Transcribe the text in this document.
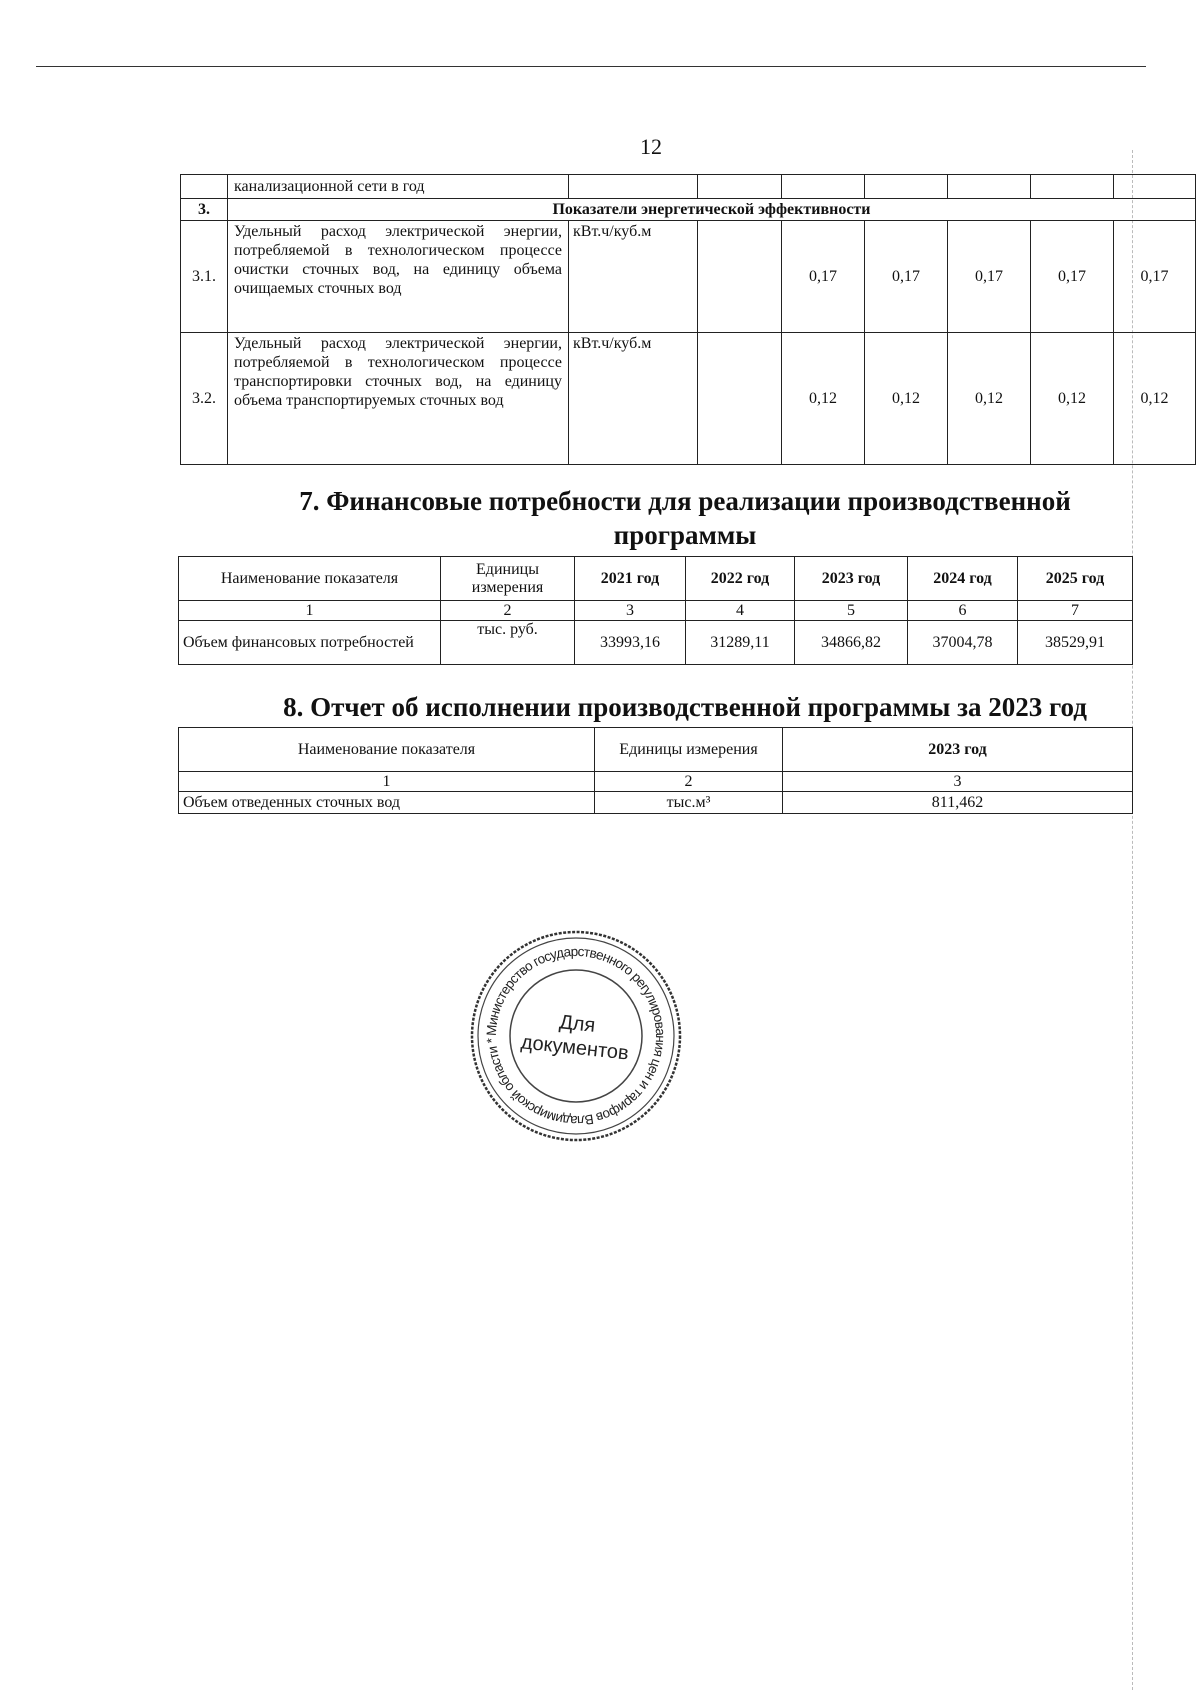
12
	канализационной сети в год							
3.	Показатели энергетической эффективности							
3.1.	Удельный расход электрической энергии, потребляемой в технологическом процессе очистки сточных вод, на единицу объема очищаемых сточных вод	кВт.ч/куб.м		0,17	0,17	0,17	0,17	0,17
3.2.	Удельный расход электрической энергии, потребляемой в технологическом процессе транспортировки сточных вод, на единицу объема транспортируемых сточных вод	кВт.ч/куб.м		0,12	0,12	0,12	0,12	0,12
7. Финансовые потребности для реализации производственной программы
Наименование показателя	Единицы измерения	2021 год	2022 год	2023 год	2024 год	2025 год
1	2	3	4	5	6	7
Объем финансовых потребностей	тыс. руб.	33993,16	31289,11	34866,82	37004,78	38529,91
8. Отчет об исполнении производственной программы за 2023 год
Наименование показателя	Единицы измерения	2023 год
1	2	3
Объем отведенных сточных вод	тыс.м³	811,462
Министерство государственного регулирования цен и тарифов Владимирской области *
Для
документов
